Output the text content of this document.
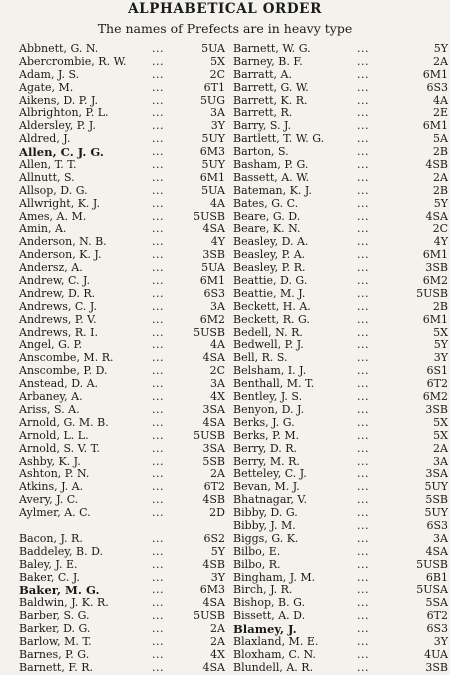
ALPHABETICAL ORDER
The names of Prefects are in heavy type
Abbnett, G. N.	...	5UA
Abercrombie, R. W. ...	5X
Adam, J. S.	...	2C
Agate, M.	...	6T1
Aikens, D. P. J.	...	5UG
Albrighton, P. L.	...	3A
Aldersley, P. J.	...	3Y
Aldred, J.	...	5UY
Allen, C. J. G.	...	6M3
Allen, T. T.	...	5UY
Allnutt, S.	...	6M1
Allsop, D. G.	...	5UA
Allwright, K. J.	...	4A
Ames, A. M.	...	5USB
Amin, A.	...	4SA
Anderson, N. B.	...	4Y
Anderson, K. J.	...	3SB
Andersz, A.	...	5UA
Andrew, C. J.	...	6M1
Andrew, D. R.	...	6S3
Andrews, C. J.	...	3A
Andrews, P. V.	...	6M2
Andrews, R. I.	...	5USB
Angel, G. P.	...	4A
Anscombe, M. R.	...	4SA
Anscombe, P. D.	...	2C
Anstead, D. A.	...	3A
Arbaney, A.	...	4X
Ariss, S. A.	...	3SA
Arnold, G. M. B.	...	4SA
Arnold, L. L.	...	5USB
Arnold, S. V. T.	...	3SA
Ashby, K. J.	...	5SB
Ashton, P. N.	...	2A
Atkins, J. A.	...	6T2
Avery, J. C.	...	4SB
Aylmer, A. C.	...	2D
Bacon, J. R.	...	6S2
Baddeley, B. D.	...	5Y
Baley, J. E.	...	4SB
Baker, C. J.	...	3Y
Baker, M. G.	...	6M3
Baldwin, J. K. R.	...	4SA
Barber, S. G.	...	5USB
Barker, D. G.	...	2A
Barlow, M. T.	...	2A
Barnes, P. G.	...	4X
Barnett, F. R.	...	4SA
Barnett, W. G.	...	5Y
Barney, B. F.	...	2A
Barratt, A.	...	6M1
Barrett, G. W.	...	6S3
Barrett, K. R.	...	4A
Barrett, R.	...	2E
Barry, S. J.	...	6M1
Bartlett, T. W. G.	...	5A
Barton, S.	...	2B
Basham, P. G.	...	4SB
Bassett, A. W.	...	2A
Bateman, K. J.	...	2B
Bates, G. C.	...	5Y
Beare, G. D.	...	4SA
Beare, K. N.	...	2C
Beasley, D. A.	...	4Y
Beasley, P. A.	...	6M1
Beasley, P. R.	...	3SB
Beattie, D. G.	...	6M2
Beattie, M. J.	...	5USB
Beckett, H. A.	...	2B
Beckett, R. G.	...	6M1
Bedell, N. R.	...	5X
Bedwell, P. J.	...	5Y
Bell, R. S.	...	3Y
Belsham, I. J.	...	6S1
Benthall, M. T.	...	6T2
Bentley, J. S.	...	6M2
Benyon, D. J.	...	3SB
Berks, J. G.	...	5X
Berks, P. M.	...	5X
Berry, D. R.	...	2A
Berry, M. R.	...	3A
Betteley, C. J.	...	3SA
Bevan, M. J.	...	5UY
Bhatnagar, V.	...	5SB
Bibby, D. G.	...	5UY
Bibby, J. M.	...	6S3
Biggs, G. K.	...	3A
Bilbo, E.	...	4SA
Bilbo, R.	...	5USB
Bingham, J. M.	...	6B1
Birch, J. R.	...	5USA
Bishop, B. G.	...	5SA
Bissett, A. D.	...	6T2
Blamey, J.	...	6S3
Blaxland, M. E.	...	3Y
Bloxham, C. N.	...	4UA
Blundell, A. R.	...	3SB
